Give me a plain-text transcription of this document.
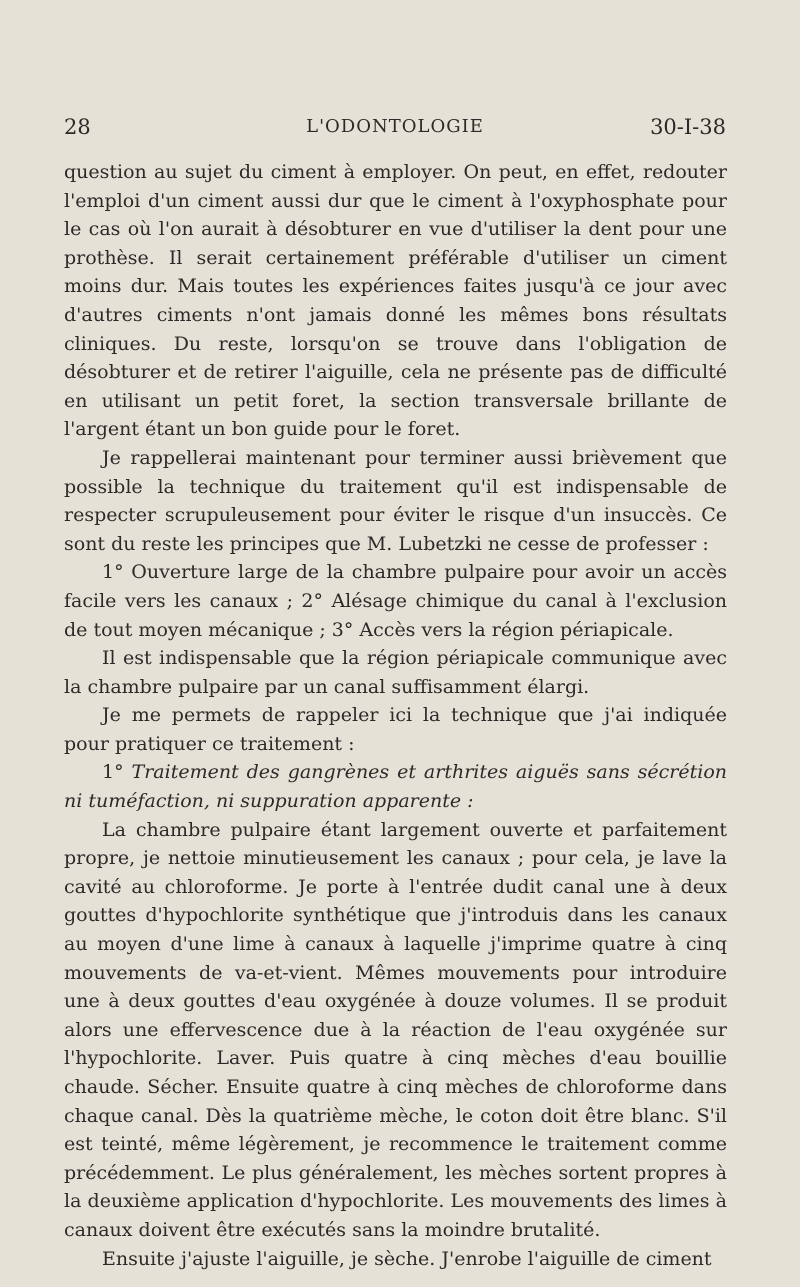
28	L'ODONTOLOGIE	30-I-38

question au sujet du ciment à employer. On peut, en effet, redouter l'emploi d'un ciment aussi dur que le ciment à l'oxyphosphate pour le cas où l'on aurait à désobturer en vue d'utiliser la dent pour une prothèse. Il serait certainement préférable d'utiliser un ciment moins dur. Mais toutes les expériences faites jusqu'à ce jour avec d'autres ciments n'ont jamais donné les mêmes bons résultats cliniques. Du reste, lorsqu'on se trouve dans l'obligation de désobturer et de retirer l'aiguille, cela ne présente pas de difficulté en utilisant un petit foret, la section transversale brillante de l'argent étant un bon guide pour le foret.

Je rappellerai maintenant pour terminer aussi brièvement que possible la technique du traitement qu'il est indispensable de respecter scrupuleusement pour éviter le risque d'un insuccès. Ce sont du reste les principes que M. Lubetzki ne cesse de professer :

1° Ouverture large de la chambre pulpaire pour avoir un accès facile vers les canaux ; 2° Alésage chimique du canal à l'exclusion de tout moyen mécanique ; 3° Accès vers la région périapicale.

Il est indispensable que la région périapicale communique avec la chambre pulpaire par un canal suffisamment élargi.

Je me permets de rappeler ici la technique que j'ai indiquée pour pratiquer ce traitement :

1° Traitement des gangrènes et arthrites aiguës sans sécrétion ni tuméfaction, ni suppuration apparente :

La chambre pulpaire étant largement ouverte et parfaitement propre, je nettoie minutieusement les canaux ; pour cela, je lave la cavité au chloroforme. Je porte à l'entrée dudit canal une à deux gouttes d'hypochlorite synthétique que j'introduis dans les canaux au moyen d'une lime à canaux à laquelle j'imprime quatre à cinq mouvements de va-et-vient. Mêmes mouvements pour introduire une à deux gouttes d'eau oxygénée à douze volumes. Il se produit alors une effervescence due à la réaction de l'eau oxygénée sur l'hypochlorite. Laver. Puis quatre à cinq mèches d'eau bouillie chaude. Sécher. Ensuite quatre à cinq mèches de chloroforme dans chaque canal. Dès la quatrième mèche, le coton doit être blanc. S'il est teinté, même légèrement, je recommence le traitement comme précédemment. Le plus généralement, les mèches sortent propres à la deuxième application d'hypochlorite. Les mouvements des limes à canaux doivent être exécutés sans la moindre brutalité.

Ensuite j'ajuste l'aiguille, je sèche. J'enrobe l'aiguille de ciment
